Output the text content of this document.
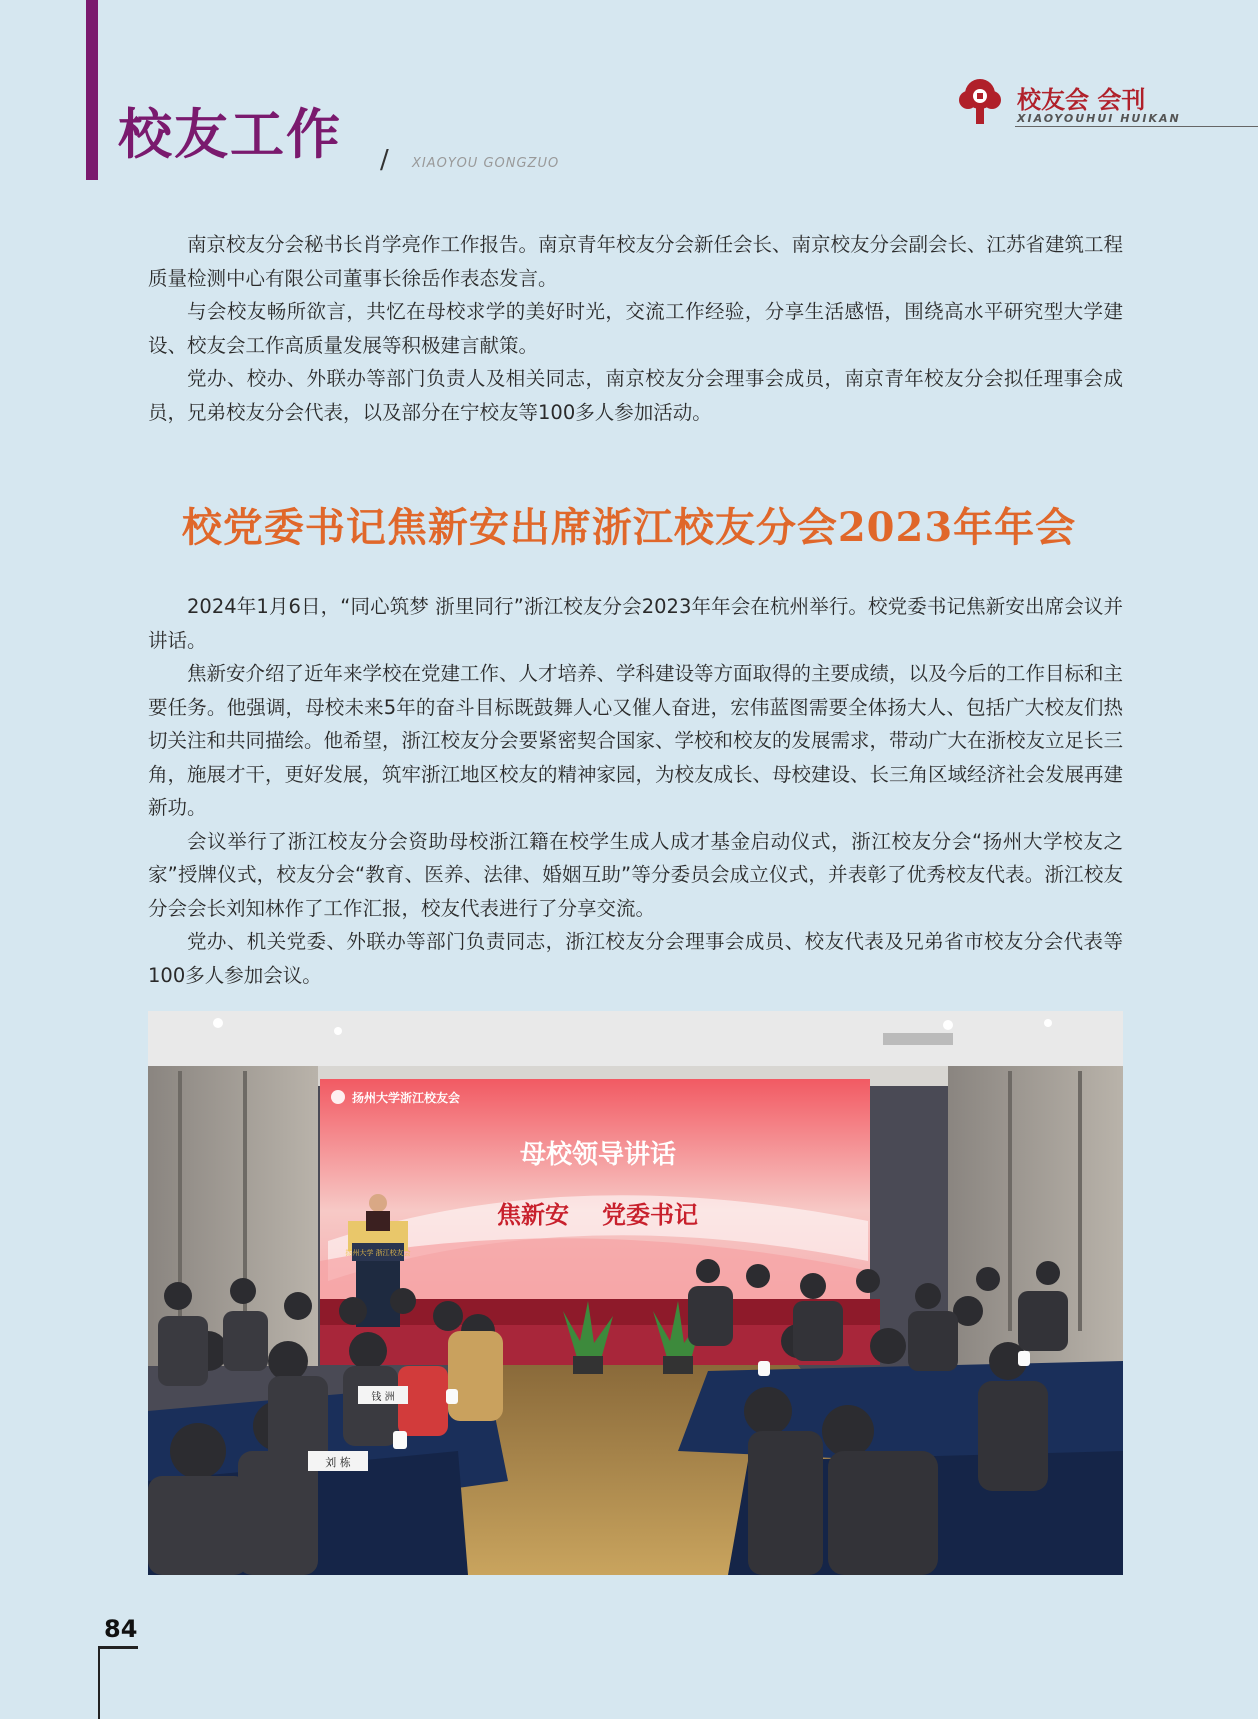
校友工作 / XIAOYOU GONGZUO
校友会 会刊
XIAOYOUHUI HUIKAN

南京校友分会秘书长肖学亮作工作报告。南京青年校友分会新任会长、南京校友分会副会长、江苏省建筑工程质量检测中心有限公司董事长徐岳作表态发言。

与会校友畅所欲言，共忆在母校求学的美好时光，交流工作经验，分享生活感悟，围绕高水平研究型大学建设、校友会工作高质量发展等积极建言献策。

党办、校办、外联办等部门负责人及相关同志，南京校友分会理事会成员，南京青年校友分会拟任理事会成员，兄弟校友分会代表，以及部分在宁校友等100多人参加活动。

校党委书记焦新安出席浙江校友分会2023年年会

2024年1月6日，“同心筑梦 浙里同行”浙江校友分会2023年年会在杭州举行。校党委书记焦新安出席会议并讲话。

焦新安介绍了近年来学校在党建工作、人才培养、学科建设等方面取得的主要成绩，以及今后的工作目标和主要任务。他强调，母校未来5年的奋斗目标既鼓舞人心又催人奋进，宏伟蓝图需要全体扬大人、包括广大校友们热切关注和共同描绘。他希望，浙江校友分会要紧密契合国家、学校和校友的发展需求，带动广大在浙校友立足长三角，施展才干，更好发展，筑牢浙江地区校友的精神家园，为校友成长、母校建设、长三角区域经济社会发展再建新功。

会议举行了浙江校友分会资助母校浙江籍在校学生成人成才基金启动仪式，浙江校友分会“扬州大学校友之家”授牌仪式，校友分会“教育、医养、法律、婚姻互助”等分委员会成立仪式，并表彰了优秀校友代表。浙江校友分会会长刘知林作了工作汇报，校友代表进行了分享交流。

党办、机关党委、外联办等部门负责同志，浙江校友分会理事会成员、校友代表及兄弟省市校友分会代表等100多人参加会议。

扬州大学浙江校友会
母校领导讲话
焦新安 党委书记
扬州大学 浙江校友会
刘 栋
钱 洲
84
